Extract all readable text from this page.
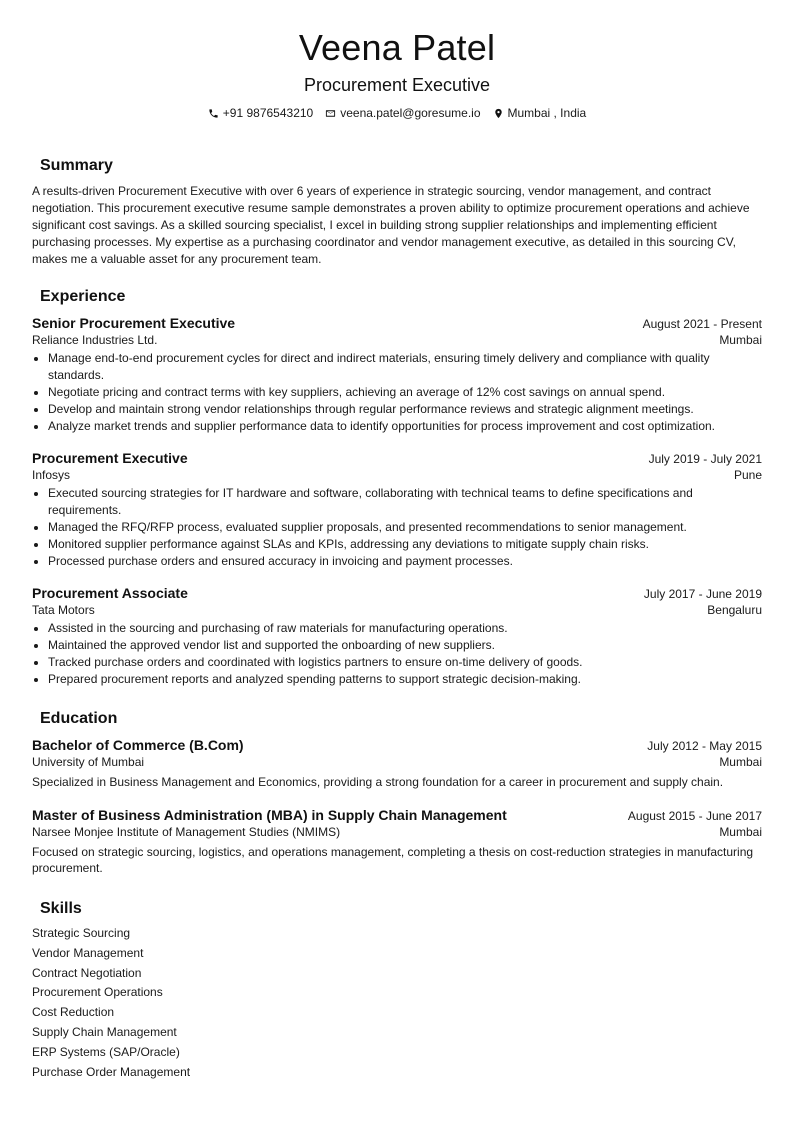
Veena Patel
Procurement Executive
+91 9876543210 veena.patel@goresume.io Mumbai , India
Summary

A results-driven Procurement Executive with over 6 years of experience in strategic sourcing, vendor management, and contract negotiation. This procurement executive resume sample demonstrates a proven ability to optimize procurement operations and achieve significant cost savings. As a skilled sourcing specialist, I excel in building strong supplier relationships and implementing efficient purchasing processes. My expertise as a purchasing coordinator and vendor management executive, as detailed in this sourcing CV, makes me a valuable asset for any procurement team.

Experience
Senior Procurement Executive	August 2021 - Present
Reliance Industries Ltd.	Mumbai
• Manage end-to-end procurement cycles for direct and indirect materials, ensuring timely delivery and compliance with quality standards.
• Negotiate pricing and contract terms with key suppliers, achieving an average of 12% cost savings on annual spend.
• Develop and maintain strong vendor relationships through regular performance reviews and strategic alignment meetings.
• Analyze market trends and supplier performance data to identify opportunities for process improvement and cost optimization.
Procurement Executive	July 2019 - July 2021
Infosys	Pune
• Executed sourcing strategies for IT hardware and software, collaborating with technical teams to define specifications and requirements.
• Managed the RFQ/RFP process, evaluated supplier proposals, and presented recommendations to senior management.
• Monitored supplier performance against SLAs and KPIs, addressing any deviations to mitigate supply chain risks.
• Processed purchase orders and ensured accuracy in invoicing and payment processes.
Procurement Associate	July 2017 - June 2019
Tata Motors	Bengaluru
• Assisted in the sourcing and purchasing of raw materials for manufacturing operations.
• Maintained the approved vendor list and supported the onboarding of new suppliers.
• Tracked purchase orders and coordinated with logistics partners to ensure on-time delivery of goods.
• Prepared procurement reports and analyzed spending patterns to support strategic decision-making.
Education
Bachelor of Commerce (B.Com)	July 2012 - May 2015
University of Mumbai	Mumbai

Specialized in Business Management and Economics, providing a strong foundation for a career in procurement and supply chain.

Master of Business Administration (MBA) in Supply Chain Management	August 2015 - June 2017
Narsee Monjee Institute of Management Studies (NMIMS)	Mumbai

Focused on strategic sourcing, logistics, and operations management, completing a thesis on cost-reduction strategies in manufacturing procurement.

Skills
Strategic Sourcing
Vendor Management
Contract Negotiation
Procurement Operations
Cost Reduction
Supply Chain Management
ERP Systems (SAP/Oracle)
Purchase Order Management
